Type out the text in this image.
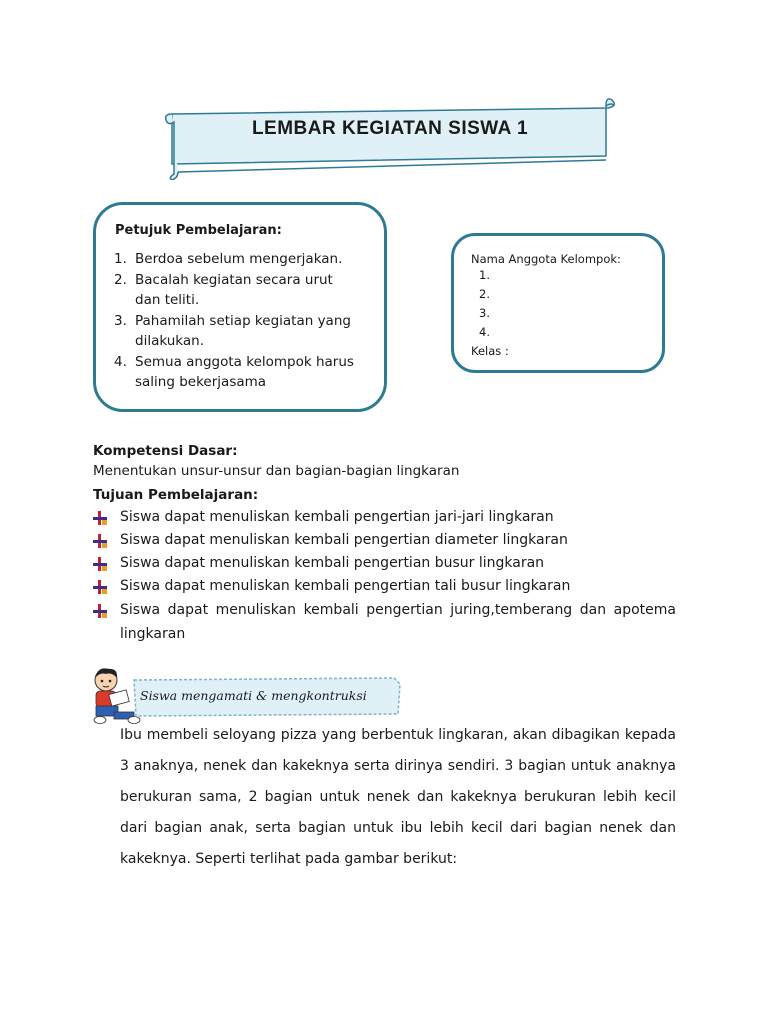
LEMBAR KEGIATAN SISWA 1
Petujuk Pembelajaran:
1. Berdoa sebelum mengerjakan.
2. Bacalah kegiatan secara urut
dan teliti.
3. Pahamilah setiap kegiatan yang
dilakukan.
4. Semua anggota kelompok harus
saling bekerjasama
Nama Anggota Kelompok:
1.
2.
3.
4.
Kelas :
Kompetensi Dasar:
Menentukan unsur-unsur dan bagian-bagian lingkaran
Tujuan Pembelajaran:
Siswa dapat menuliskan kembali pengertian jari-jari lingkaran
Siswa dapat menuliskan kembali pengertian diameter lingkaran
Siswa dapat menuliskan kembali pengertian busur lingkaran
Siswa dapat menuliskan kembali pengertian tali busur lingkaran
Siswa dapat menuliskan kembali pengertian juring,temberang dan apotema
lingkaran
Siswa mengamati & mengkontruksi
Ibu membeli seloyang pizza yang berbentuk lingkaran, akan dibagikan kepada
3 anaknya, nenek dan kakeknya serta dirinya sendiri. 3 bagian untuk anaknya
berukuran sama, 2 bagian untuk nenek dan kakeknya berukuran lebih kecil
dari bagian anak, serta bagian untuk ibu lebih kecil dari bagian nenek dan
kakeknya. Seperti terlihat pada gambar berikut:
